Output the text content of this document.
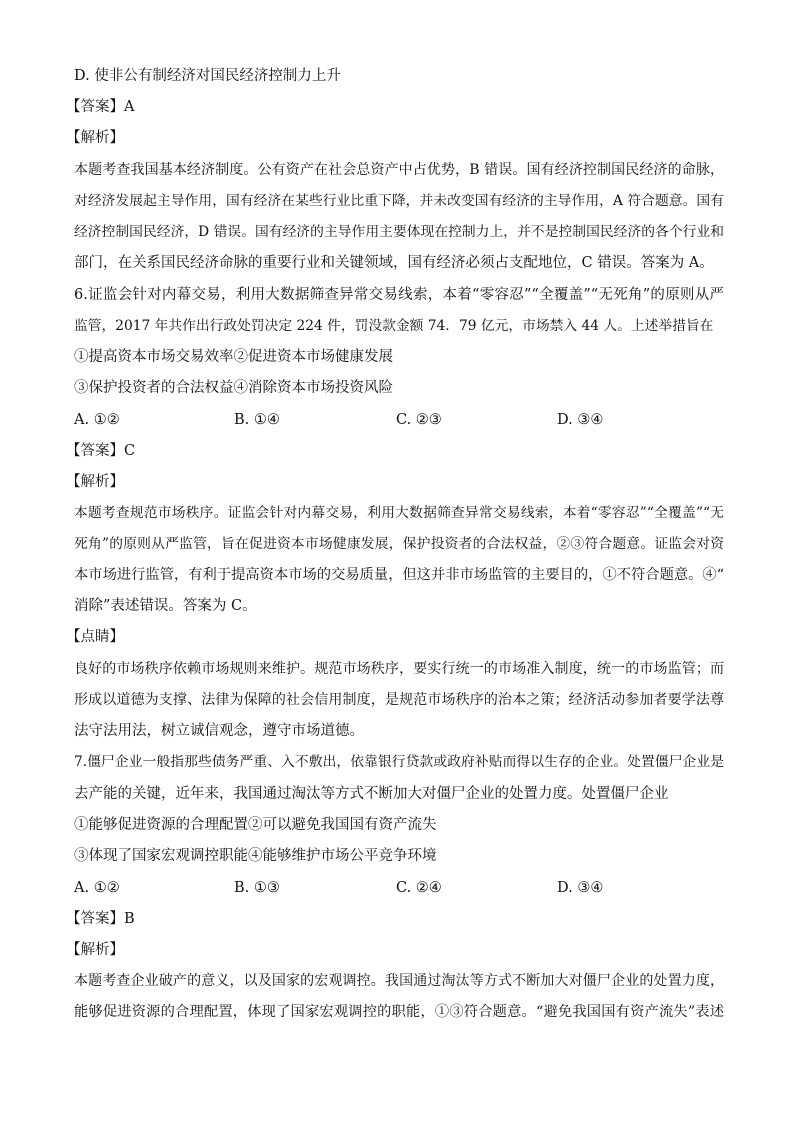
D. 使非公有制经济对国民经济控制力上升
【答案】A
【解析】
本题考查我国基本经济制度。公有资产在社会总资产中占优势，B 错误。国有经济控制国民经济的命脉，
对经济发展起主导作用，国有经济在某些行业比重下降，并未改变国有经济的主导作用，A 符合题意。国有
经济控制国民经济，D 错误。国有经济的主导作用主要体现在控制力上，并不是控制国民经济的各个行业和
部门，在关系国民经济命脉的重要行业和关键领域，国有经济必须占支配地位，C 错误。答案为 A。
6.证监会针对内幕交易，利用大数据筛查异常交易线索，本着“零容忍”“全覆盖”“无死角”的原则从严
监管，2017 年共作出行政处罚决定 224 件，罚没款金额 74．79 亿元，市场禁入 44 人。上述举措旨在
①提高资本市场交易效率②促进资本市场健康发展
③保护投资者的合法权益④消除资本市场投资风险
A. ①②	B. ①④	C. ②③	D. ③④
【答案】C
【解析】
本题考查规范市场秩序。证监会针对内幕交易，利用大数据筛查异常交易线索，本着“零容忍”“全覆盖”“无
死角”的原则从严监管，旨在促进资本市场健康发展，保护投资者的合法权益，②③符合题意。证监会对资
本市场进行监管，有利于提高资本市场的交易质量，但这并非市场监管的主要目的，①不符合题意。④“
消除”表述错误。答案为 C。
【点睛】
良好的市场秩序依赖市场规则来维护。规范市场秩序，要实行统一的市场准入制度，统一的市场监管；而
形成以道德为支撑、法律为保障的社会信用制度，是规范市场秩序的治本之策；经济活动参加者要学法尊
法守法用法，树立诚信观念，遵守市场道德。
7.僵尸企业一般指那些债务严重、入不敷出，依靠银行贷款或政府补贴而得以生存的企业。处置僵尸企业是
去产能的关键，近年来，我国通过淘汰等方式不断加大对僵尸企业的处置力度。处置僵尸企业
①能够促进资源的合理配置②可以避免我国国有资产流失
③体现了国家宏观调控职能④能够维护市场公平竞争环境
A. ①②	B. ①③	C. ②④	D. ③④
【答案】B
【解析】
本题考查企业破产的意义，以及国家的宏观调控。我国通过淘汰等方式不断加大对僵尸企业的处置力度，
能够促进资源的合理配置，体现了国家宏观调控的职能，①③符合题意。“避免我国国有资产流失”表述
